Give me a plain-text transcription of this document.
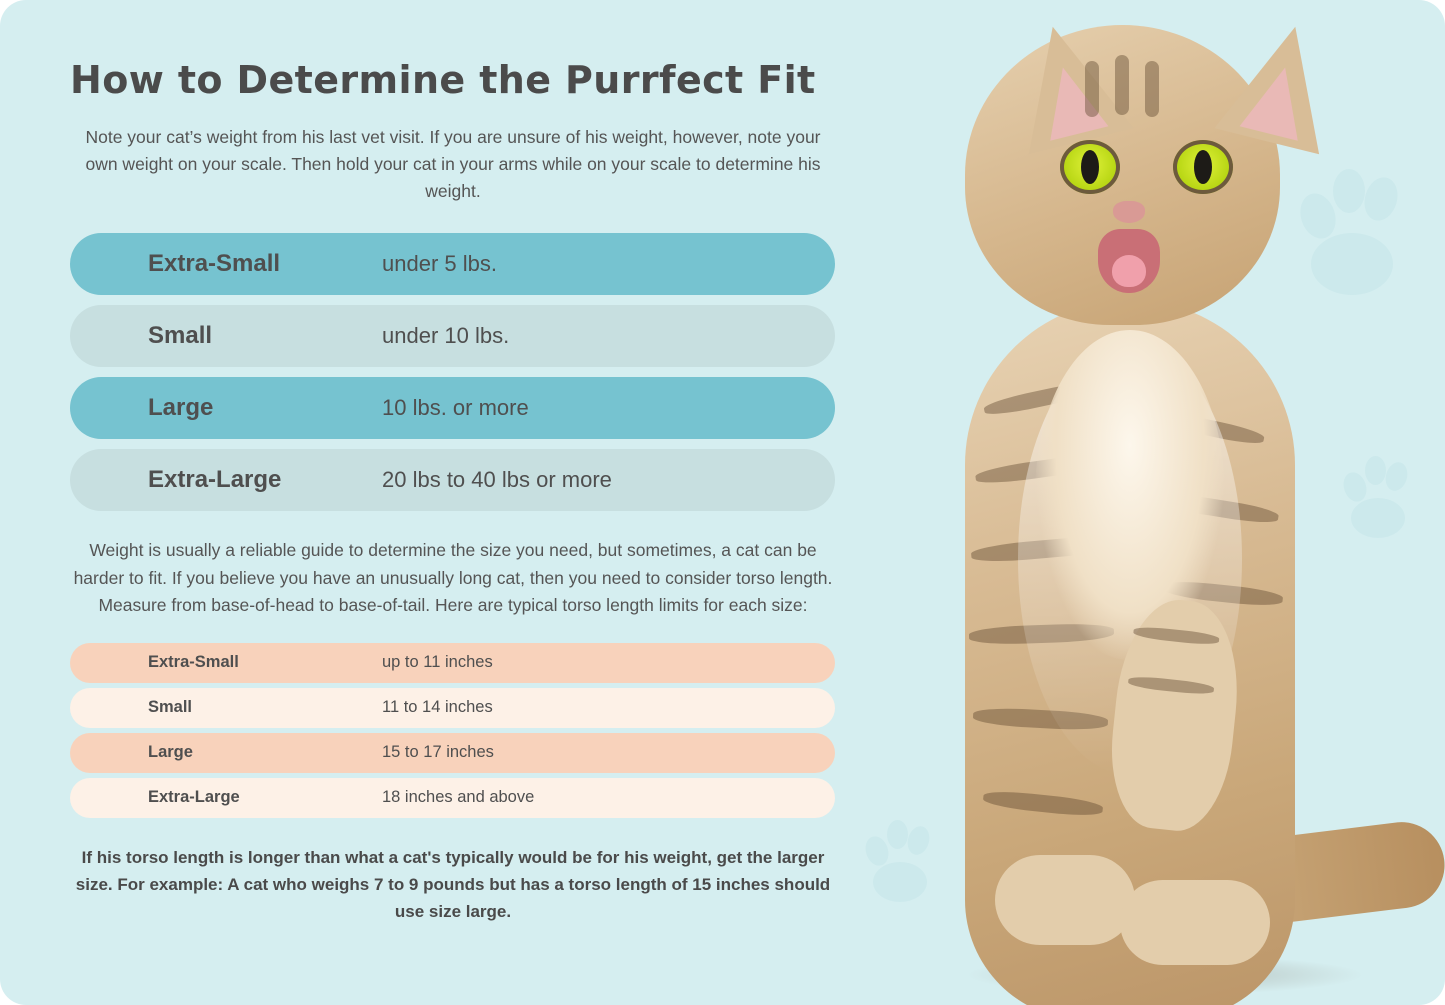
How to Determine the Purrfect Fit

Note your cat’s weight from his last vet visit. If you are unsure of his weight, however, note your own weight on your scale. Then hold your cat in your arms while on your scale to determine his weight.

Extra-Small	under 5 lbs.
Small	under 10 lbs.
Large	10 lbs. or more
Extra-Large	20 lbs to 40 lbs or more

Weight is usually a reliable guide to determine the size you need, but sometimes, a cat can be harder to fit. If you believe you have an unusually long cat, then you need to consider torso length. Measure from base-of-head to base-of-tail. Here are typical torso length limits for each size:

Extra-Small	up to 11 inches
Small	11 to 14 inches
Large	15 to 17 inches
Extra-Large	18 inches and above

If his torso length is longer than what a cat's typically would be for his weight, get the larger size. For example: A cat who weighs 7 to 9 pounds but has a torso length of 15 inches should use size large.
